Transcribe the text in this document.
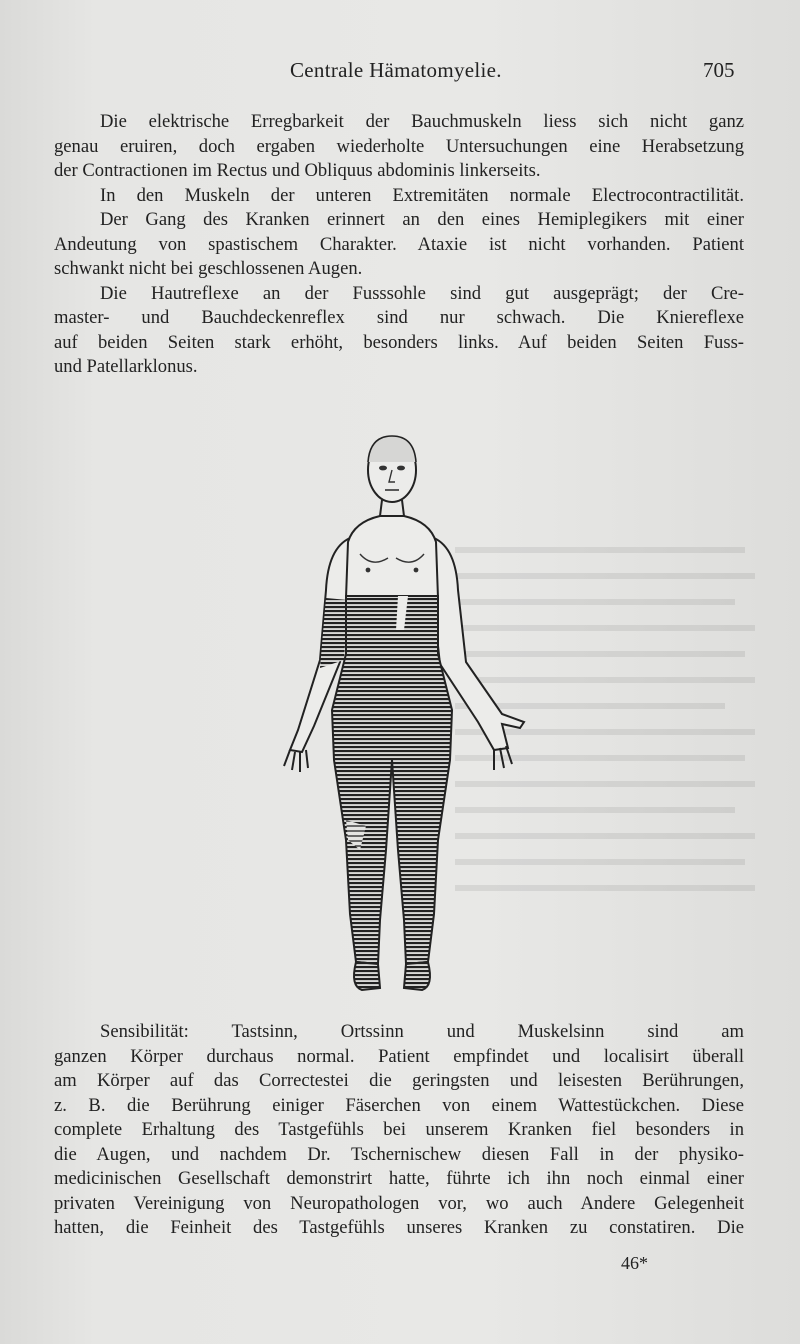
Centrale Hämatomyelie.	705
Die elektrische Erregbarkeit der Bauchmuskeln liess sich nicht ganz
genau eruiren, doch ergaben wiederholte Untersuchungen eine Herabsetzung
der Contractionen im Rectus und Obliquus abdominis linkerseits.
In den Muskeln der unteren Extremitäten normale Electrocontractilität.
Der Gang des Kranken erinnert an den eines Hemiplegikers mit einer
Andeutung von spastischem Charakter. Ataxie ist nicht vorhanden. Patient
schwankt nicht bei geschlossenen Augen.
Die Hautreflexe an der Fusssohle sind gut ausgeprägt; der Cre-
master- und Bauchdeckenreflex sind nur schwach. Die Kniereflexe
auf beiden Seiten stark erhöht, besonders links. Auf beiden Seiten Fuss-
und Patellarklonus.
Sensibilität: Tastsinn, Ortssinn und Muskelsinn sind am
ganzen Körper durchaus normal. Patient empfindet und localisirt überall
am Körper auf das Correctestei die geringsten und leisesten Berührungen,
z. B. die Berührung einiger Fäserchen von einem Wattestückchen. Diese
complete Erhaltung des Tastgefühls bei unserem Kranken fiel besonders in
die Augen, und nachdem Dr. Tschernischew diesen Fall in der physiko-
medicinischen Gesellschaft demonstrirt hatte, führte ich ihn noch einmal einer
privaten Vereinigung von Neuropathologen vor, wo auch Andere Gelegenheit
hatten, die Feinheit des Tastgefühls unseres Kranken zu constatiren. Die
46*
